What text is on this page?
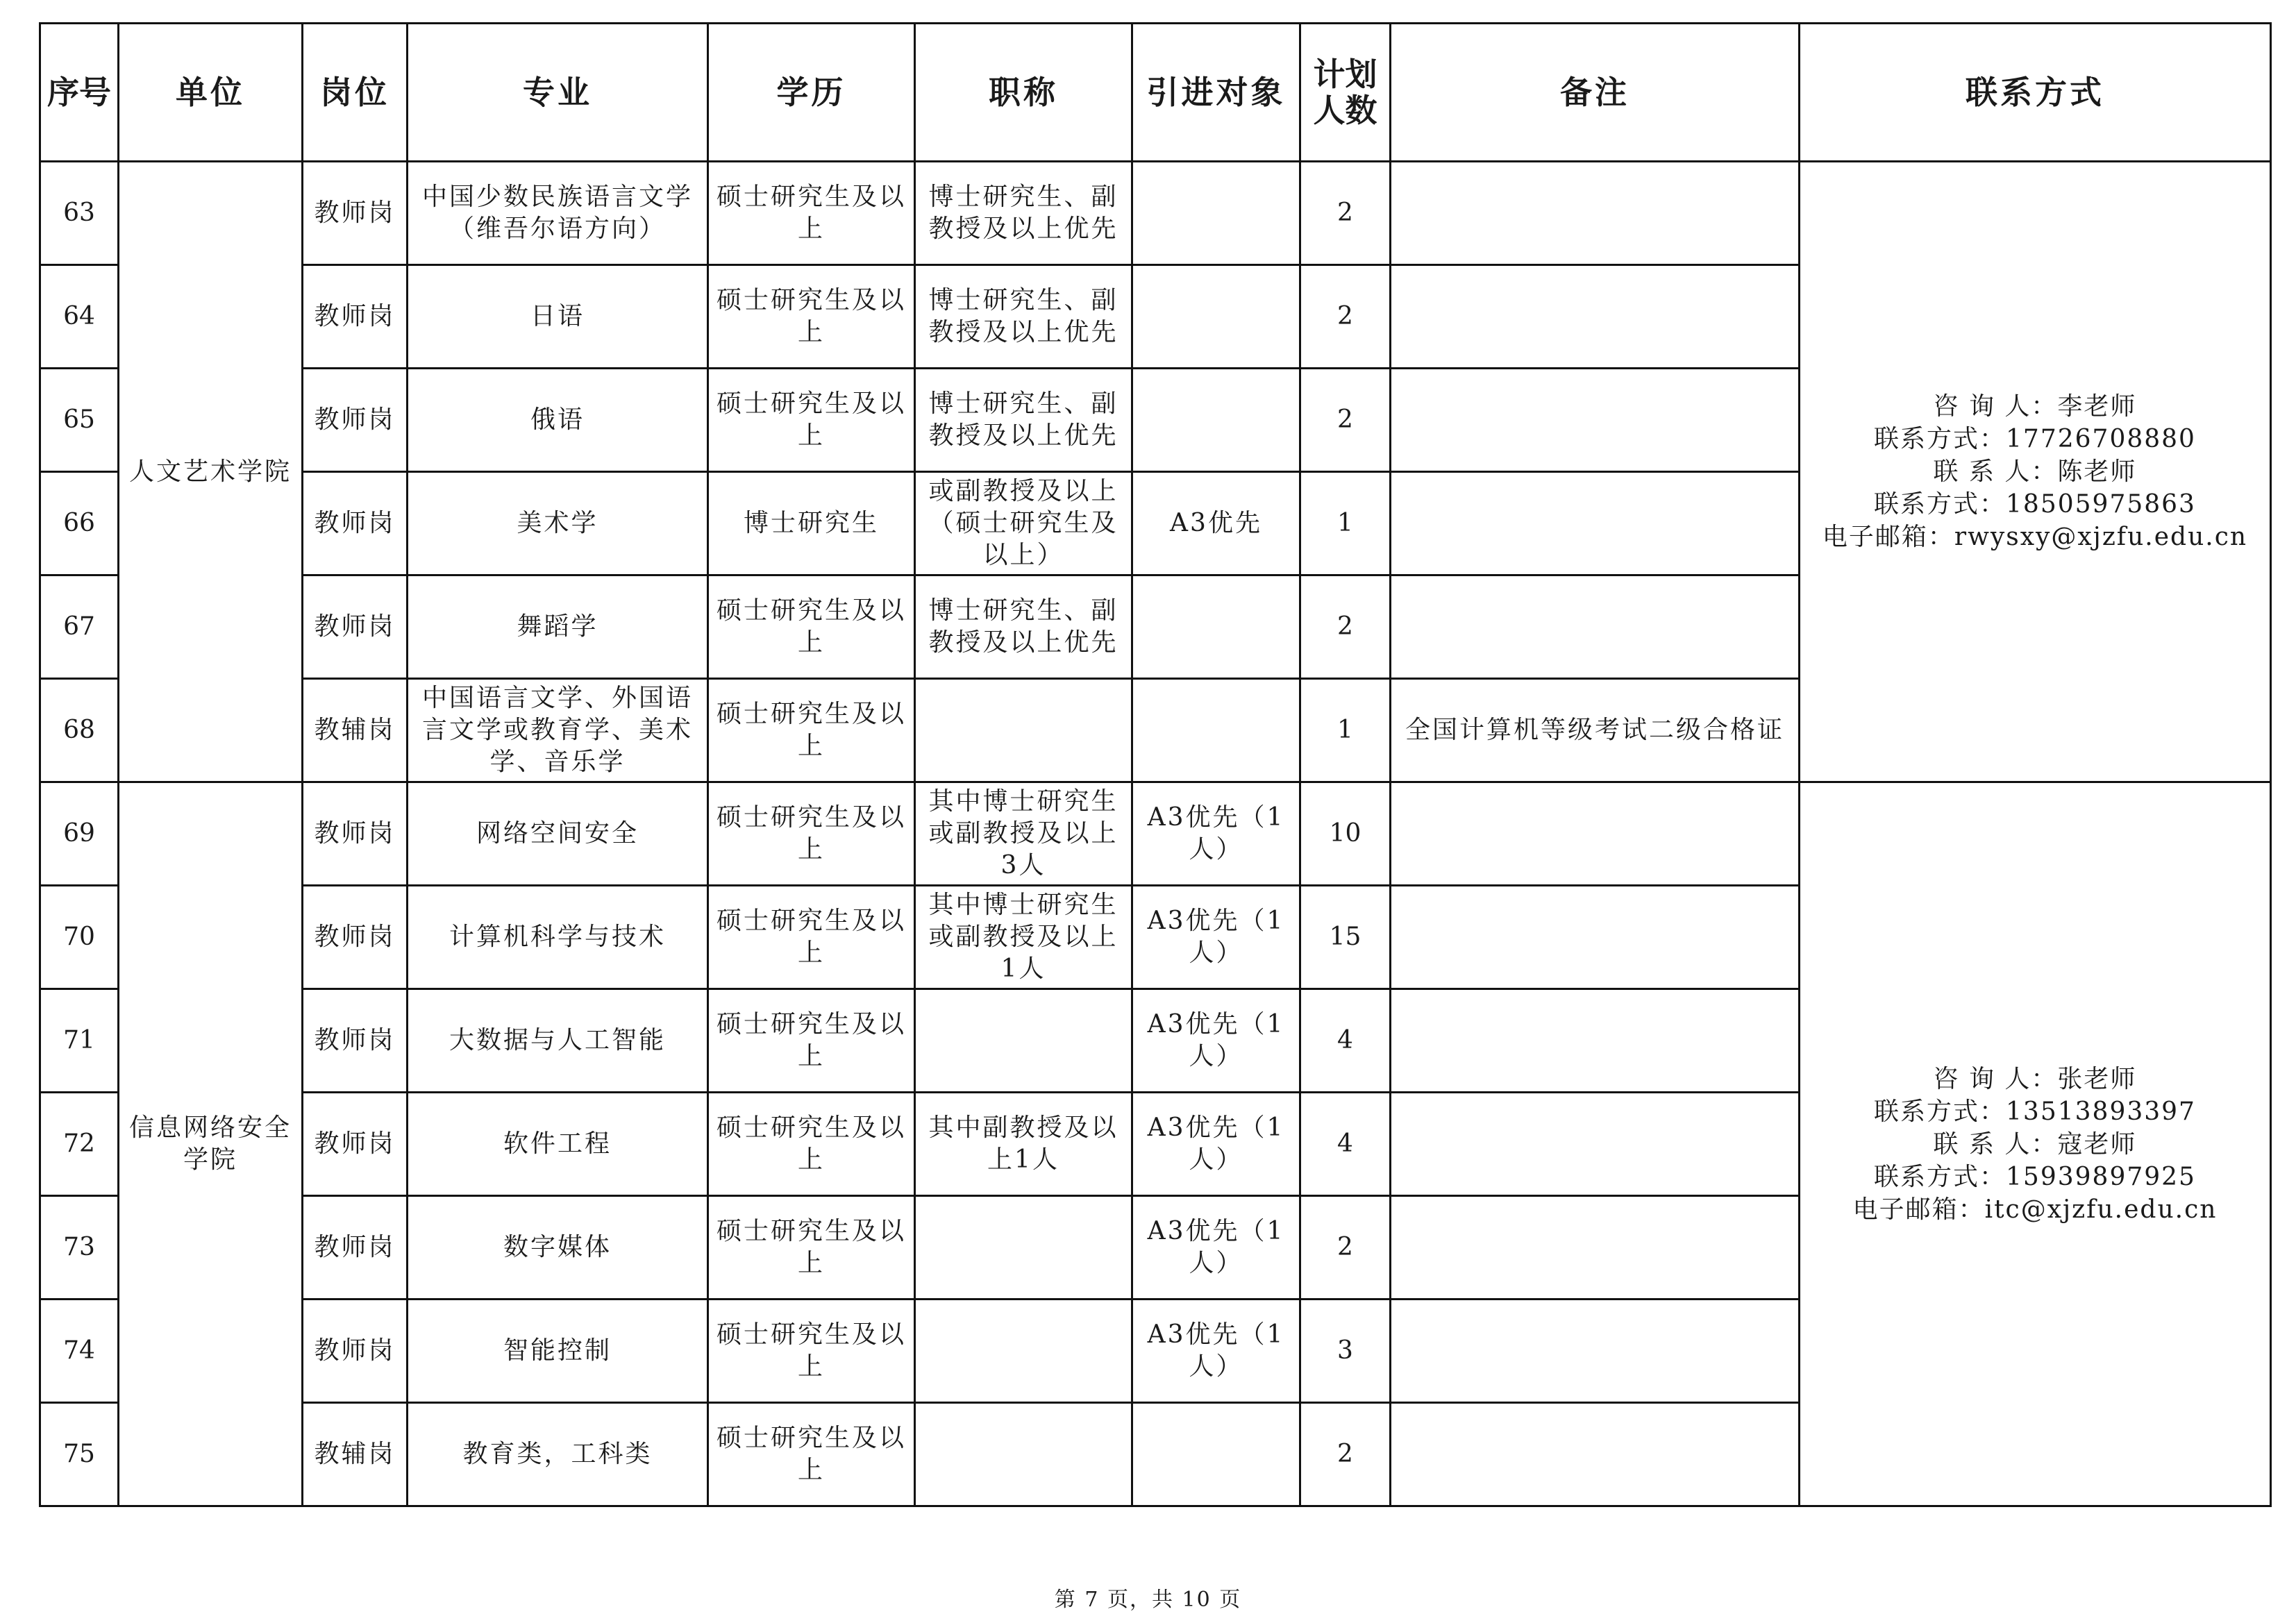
序号	单位	岗位	专业	学历	职称	引进对象	计划人数	备注	联系方式
63	人文艺术学院	教师岗	中国少数民族语言文学（维吾尔语方向）	硕士研究生及以上	博士研究生、副教授及以上优先		2		咨 询 人：李老师
联系方式：17726708880
联 系 人：陈老师
联系方式：18505975863
电子邮箱：rwysxy@xjzfu.edu.cn

64		教师岗	日语	硕士研究生及以上	博士研究生、副教授及以上优先		2		
65		教师岗	俄语	硕士研究生及以上	博士研究生、副教授及以上优先		2		
66		教师岗	美术学	博士研究生	或副教授及以上（硕士研究生及以上）	A3优先	1		
67		教师岗	舞蹈学	硕士研究生及以上	博士研究生、副教授及以上优先		2		
68		教辅岗	中国语言文学、外国语言文学或教育学、美术学、音乐学	硕士研究生及以上			1	全国计算机等级考试二级合格证	
69	信息网络安全学院	教师岗	网络空间安全	硕士研究生及以上	其中博士研究生或副教授及以上3人	A3优先（1人）	10		咨 询 人：张老师
联系方式：13513893397
联 系 人：寇老师
联系方式：15939897925
电子邮箱：itc@xjzfu.edu.cn

70		教师岗	计算机科学与技术	硕士研究生及以上	其中博士研究生或副教授及以上1人	A3优先（1人）	15		
71		教师岗	大数据与人工智能	硕士研究生及以上		A3优先（1人）	4		
72		教师岗	软件工程	硕士研究生及以上	其中副教授及以上1人	A3优先（1人）	4		
73		教师岗	数字媒体	硕士研究生及以上		A3优先（1人）	2		
74		教师岗	智能控制	硕士研究生及以上		A3优先（1人）	3		
75		教辅岗	教育类，工科类	硕士研究生及以上			2		
第 7 页，共 10 页
